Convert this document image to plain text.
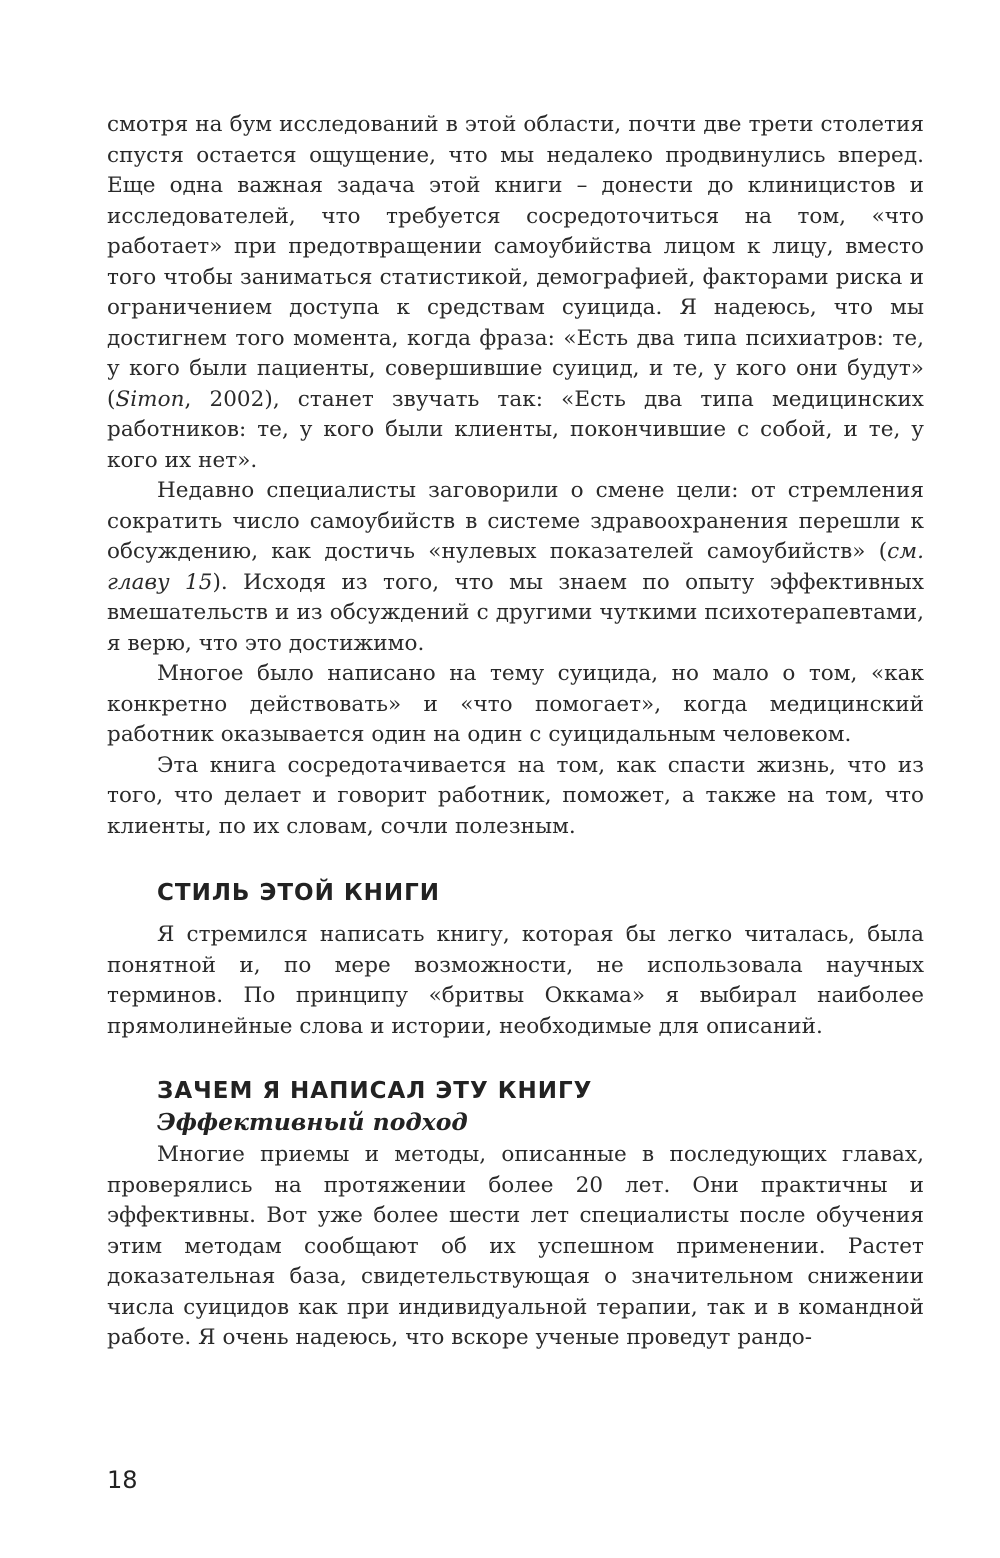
смотря на бум исследований в этой области, почти две трети столетия спустя остается ощущение, что мы недалеко продвинулись вперед. Еще одна важная задача этой книги – донести до клиницистов и исследователей, что требуется сосредоточиться на том, «что работает» при предотвращении самоубийства лицом к лицу, вместо того чтобы заниматься статистикой, демографией, факторами риска и ограничением доступа к средствам суицида. Я надеюсь, что мы достигнем того момента, когда фраза: «Есть два типа психиатров: те, у кого были пациенты, совершившие суицид, и те, у кого они будут» (Simon, 2002), станет звучать так: «Есть два типа медицинских работников: те, у кого были клиенты, покончившие с собой, и те, у кого их нет».

Недавно специалисты заговорили о смене цели: от стремления сократить число самоубийств в системе здравоохранения перешли к обсуждению, как достичь «нулевых показателей самоубийств» (см. главу 15). Исходя из того, что мы знаем по опыту эффективных вмешательств и из обсуждений с другими чуткими психотерапевтами, я верю, что это достижимо.

Многое было написано на тему суицида, но мало о том, «как конкретно действовать» и «что помогает», когда медицинский работник оказывается один на один с суицидальным человеком.

Эта книга сосредотачивается на том, как спасти жизнь, что из того, что делает и говорит работник, поможет, а также на том, что клиенты, по их словам, сочли полезным.

СТИЛЬ ЭТОЙ КНИГИ

Я стремился написать книгу, которая бы легко читалась, была понятной и, по мере возможности, не использовала научных терминов. По принципу «бритвы Оккама» я выбирал наиболее прямолинейные слова и истории, необходимые для описаний.

ЗАЧЕМ Я НАПИСАЛ ЭТУ КНИГУ
Эффективный подход

Многие приемы и методы, описанные в последующих главах, проверялись на протяжении более 20 лет. Они практичны и эффективны. Вот уже более шести лет специалисты после обучения этим методам сообщают об их успешном применении. Растет доказательная база, свидетельствующая о значительном снижении числа суицидов как при индивидуальной терапии, так и в командной работе. Я очень надеюсь, что вскоре ученые проведут рандо-

18
